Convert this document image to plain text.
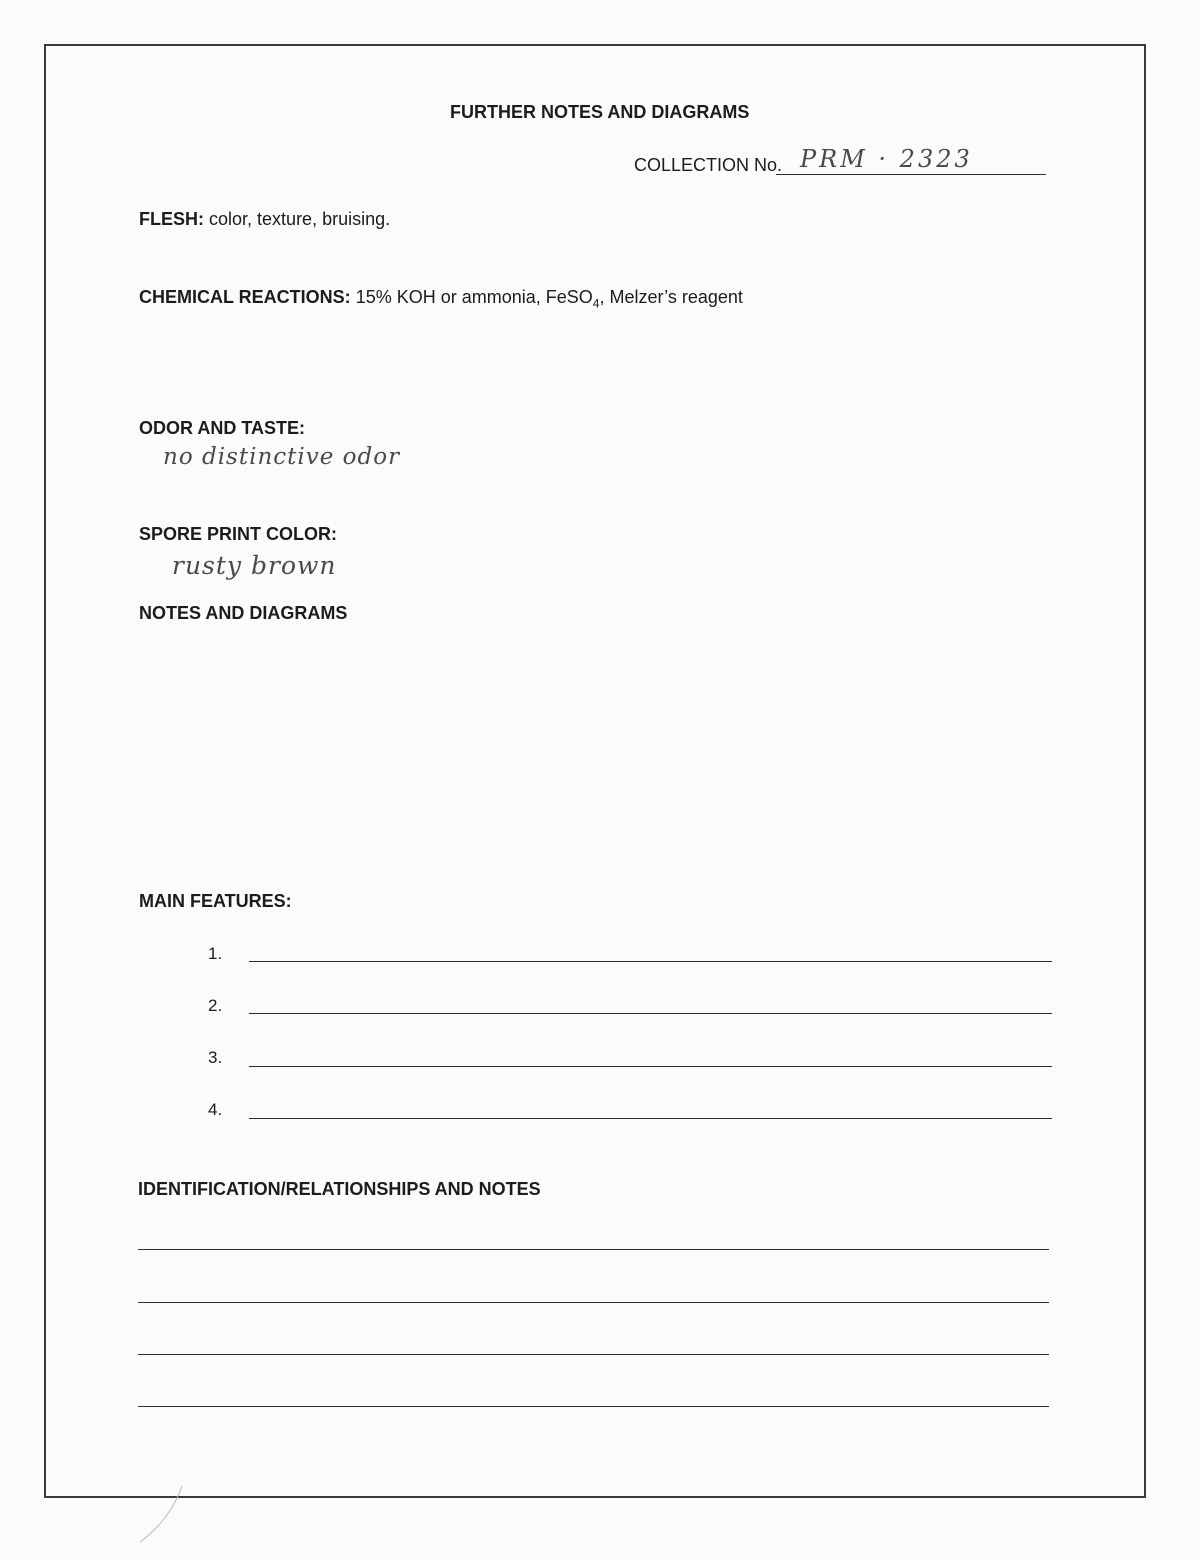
FURTHER NOTES AND DIAGRAMS
COLLECTION No. PRM · 2323
FLESH: color, texture, bruising.
CHEMICAL REACTIONS: 15% KOH or ammonia, FeSO$_4$, Melzer’s reagent
ODOR AND TASTE:
no distinctive odor
SPORE PRINT COLOR:
rusty brown
NOTES AND DIAGRAMS
MAIN FEATURES:
1.
2.
3.
4.
IDENTIFICATION/RELATIONSHIPS AND NOTES
